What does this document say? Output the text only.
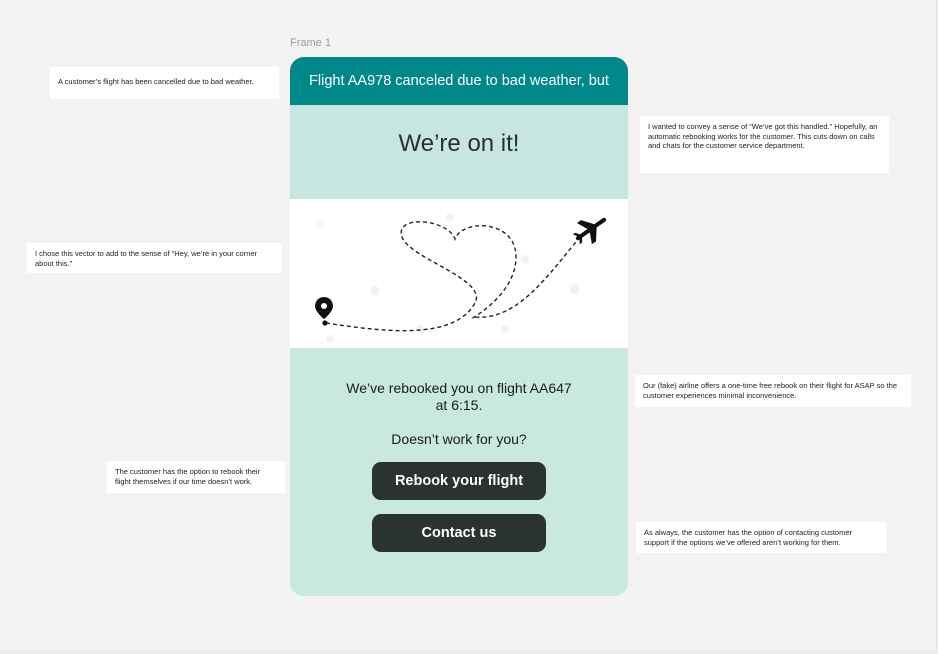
Frame 1
A customer’s flight has been cancelled due to bad weather.
I wanted to convey a sense of “We’ve got this handled.” Hopefully, an automatic rebooking works for the customer. This cuts down on calls and chats for the customer service department.
I chose this vector to add to the sense of “Hey, we’re in your corner about this.”
Our (fake) airline offers a one-time free rebook on their flight for ASAP so the customer experiences minimal inconvenience.
The customer has the option to rebook their flight themselves if our time doesn’t work.
As always, the customer has the option of contacting customer support if the options we’ve offered aren’t working for them.
Flight AA978 canceled due to bad weather, but
We’re on it!
We’ve rebooked you on flight AA647
at 6:15.
Doesn’t work for you?
Rebook your flight
Contact us
